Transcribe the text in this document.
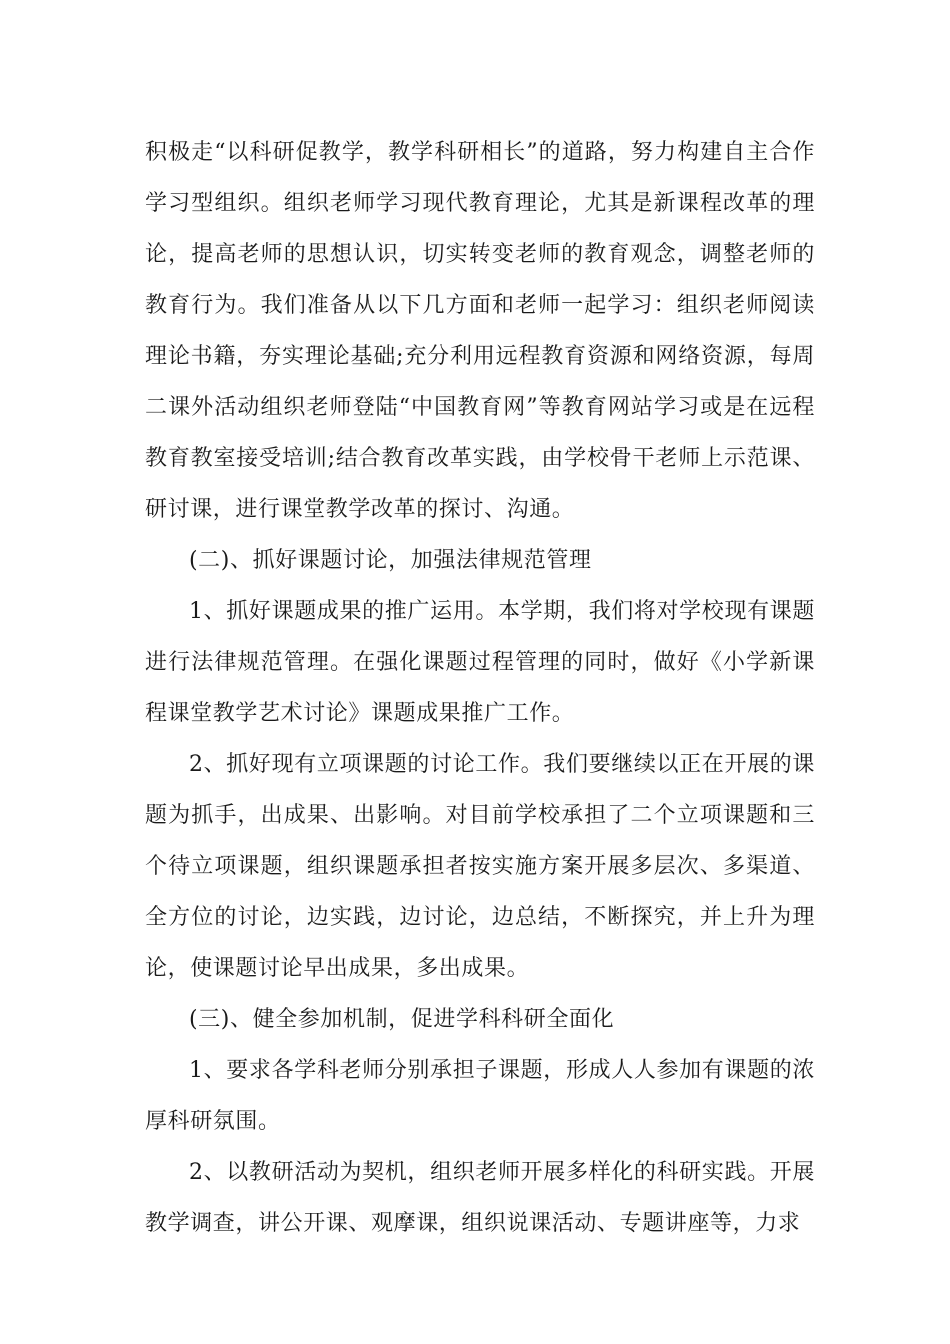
积极走“以科研促教学，教学科研相长”的道路，努力构建自主合作学习型组织。组织老师学习现代教育理论，尤其是新课程改革的理论，提高老师的思想认识，切实转变老师的教育观念，调整老师的教育行为。我们准备从以下几方面和老师一起学习：组织老师阅读理论书籍，夯实理论基础;充分利用远程教育资源和网络资源，每周二课外活动组织老师登陆“中国教育网”等教育网站学习或是在远程教育教室接受培训;结合教育改革实践，由学校骨干老师上示范课、研讨课，进行课堂教学改革的探讨、沟通。

(二)、抓好课题讨论，加强法律规范管理

1、抓好课题成果的推广运用。本学期，我们将对学校现有课题进行法律规范管理。在强化课题过程管理的同时，做好《小学新课程课堂教学艺术讨论》课题成果推广工作。

2、抓好现有立项课题的讨论工作。我们要继续以正在开展的课题为抓手，出成果、出影响。对目前学校承担了二个立项课题和三个待立项课题，组织课题承担者按实施方案开展多层次、多渠道、全方位的讨论，边实践，边讨论，边总结，不断探究，并上升为理论，使课题讨论早出成果，多出成果。

(三)、健全参加机制，促进学科科研全面化

1、要求各学科老师分别承担子课题，形成人人参加有课题的浓厚科研氛围。

2、以教研活动为契机，组织老师开展多样化的科研实践。开展教学调查，讲公开课、观摩课，组织说课活动、专题讲座等，力求
